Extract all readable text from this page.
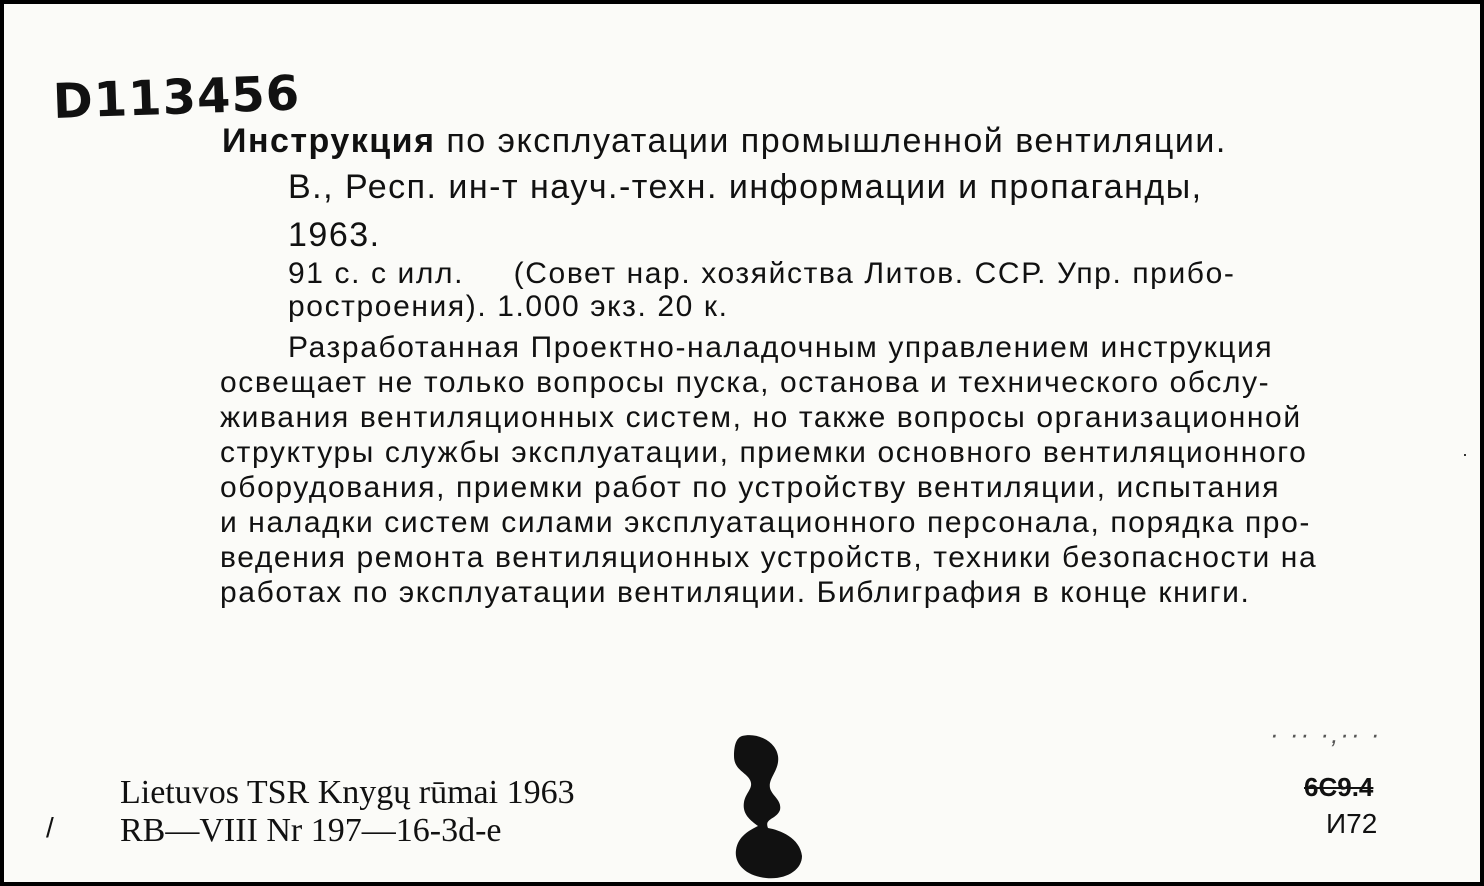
D113456
Инструкция по эксплуатации промышленной вентиляции.
В., Респ. ин-т науч.-техн. информации и пропаганды,
1963.
91 с. с илл.     (Совет нар. хозяйства Литов. ССР. Упр. прибо-
ростроения). 1.000 экз. 20 к.
Разработанная Проектно-наладочным управлением инструкция
освещает не только вопросы пуска, останова и технического обслу-
живания вентиляционных систем, но также вопросы организационной
структуры службы эксплуатации, приемки основного вентиляционного
оборудования, приемки работ по устройству вентиляции, испытания
и наладки систем силами эксплуатационного персонала, порядка про-
ведения ремонта вентиляционных устройств, техники безопасности на
работах по эксплуатации вентиляции. Библиграфия в конце книги.
Lietuvos TSR Knygų rūmai 1963
RB—VIII Nr 197—16-3d-e
/
·
· ·· ·,·· ·
6С9.4
И72
